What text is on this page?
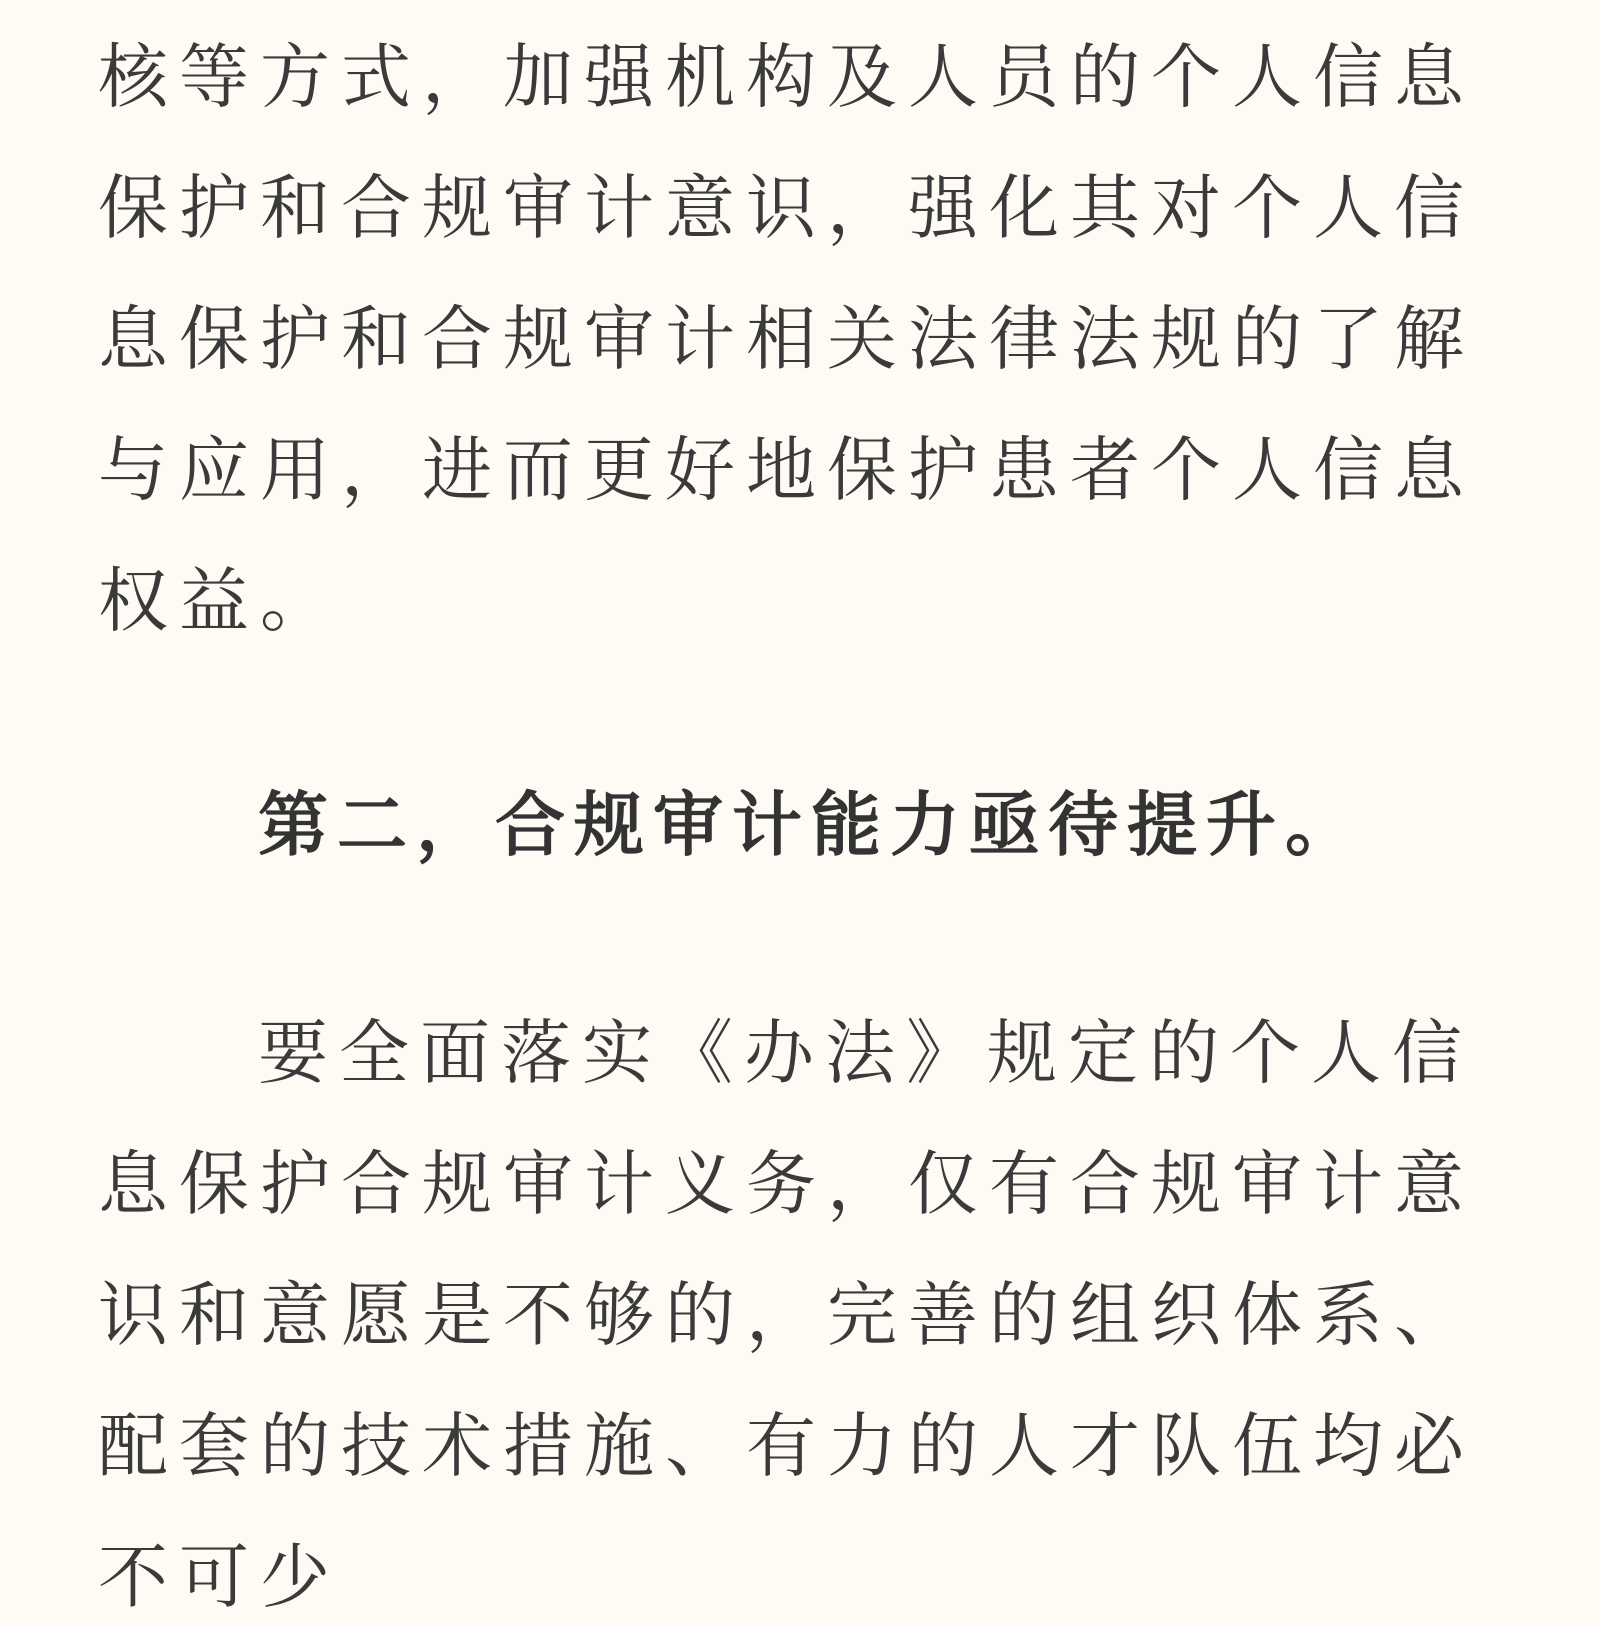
核等方式，加强机构及人员的个人信息
保护和合规审计意识，强化其对个人信
息保护和合规审计相关法律法规的了解
与应用，进而更好地保护患者个人信息
权益。
第二，合规审计能力亟待提升。
要全面落实《办法》规定的个人信
息保护合规审计义务，仅有合规审计意
识和意愿是不够的，完善的组织体系、
配套的技术措施、有力的人才队伍均必
不可少
